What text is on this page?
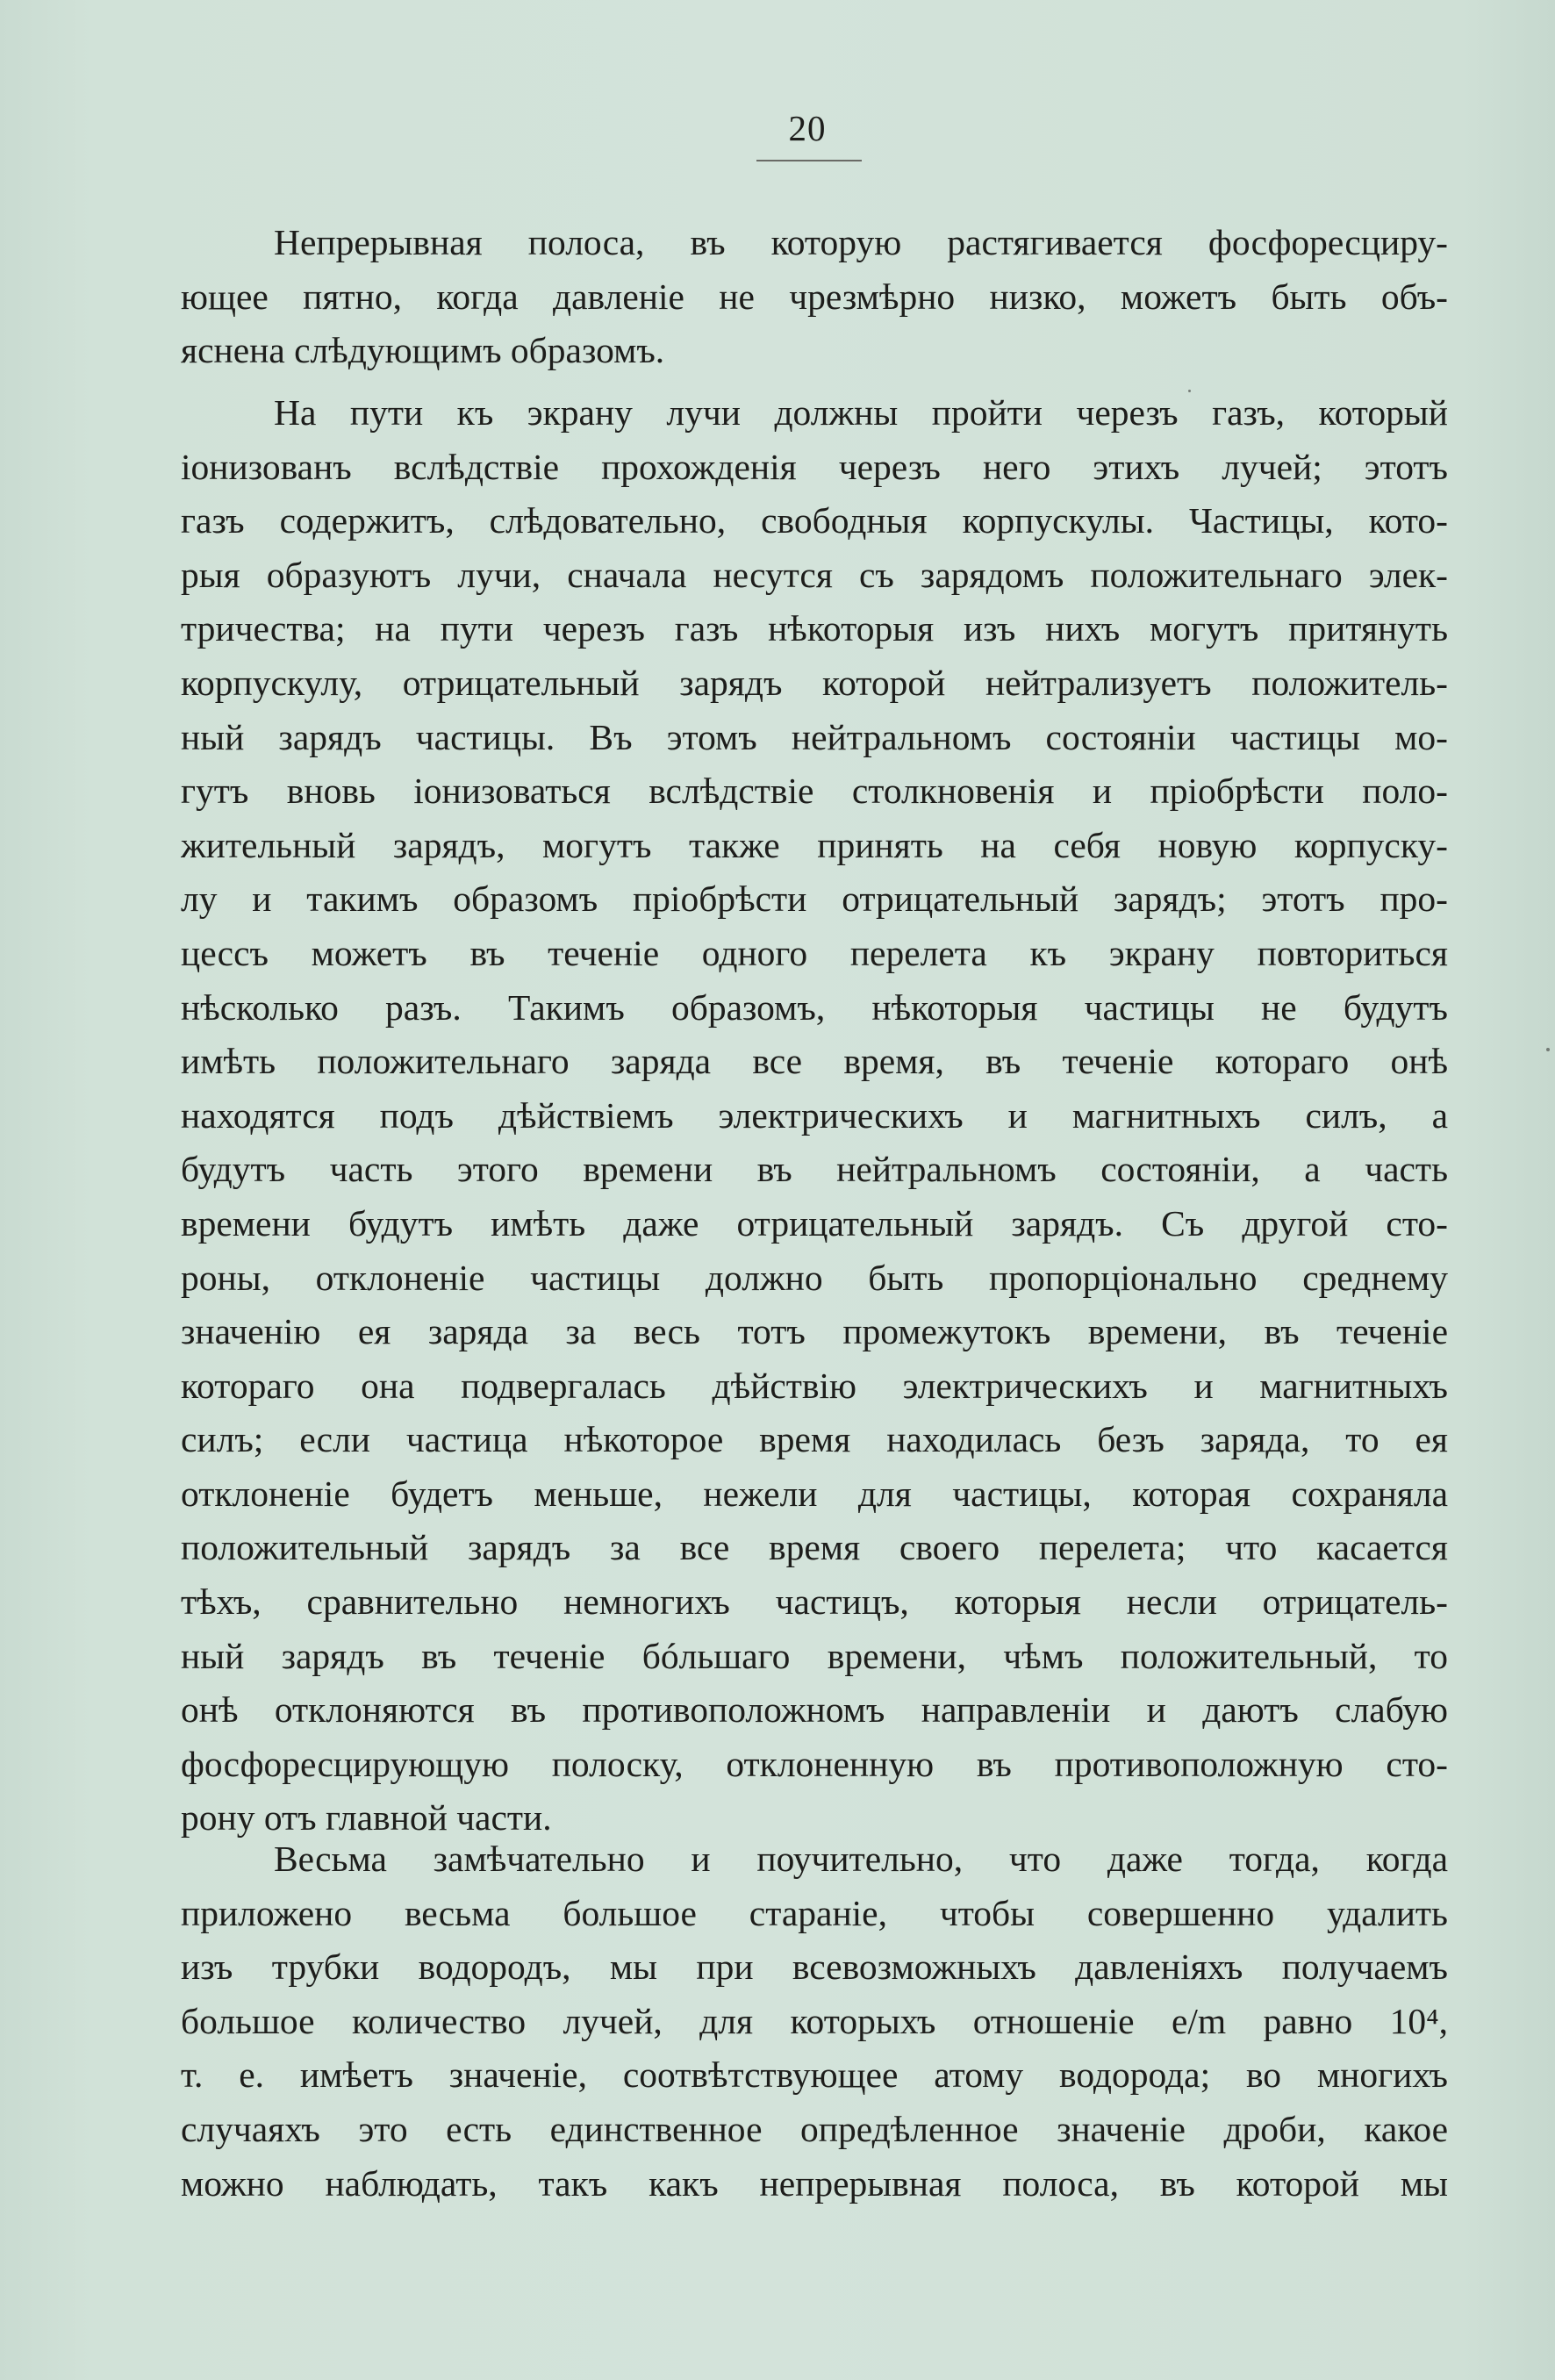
20
Непрерывная полоса, въ которую растягивается фосфоресциру-
ющее пятно, когда давленіе не чрезмѣрно низко, можетъ быть объ-
яснена слѣдующимъ образомъ.
На пути къ экрану лучи должны пройти черезъ газъ, который
іонизованъ вслѣдствіе прохожденія черезъ него этихъ лучей; этотъ
газъ содержитъ, слѣдовательно, свободныя корпускулы. Частицы, кото-
рыя образуютъ лучи, сначала несутся съ зарядомъ положительнаго элек-
тричества; на пути черезъ газъ нѣкоторыя изъ нихъ могутъ притянуть
корпускулу, отрицательный зарядъ которой нейтрализуетъ положитель-
ный зарядъ частицы. Въ этомъ нейтральномъ состояніи частицы мо-
гутъ вновь іонизоваться вслѣдствіе столкновенія и пріобрѣсти поло-
жительный зарядъ, могутъ также принять на себя новую корпуску-
лу и такимъ образомъ пріобрѣсти отрицательный зарядъ; этотъ про-
цессъ можетъ въ теченіе одного перелета къ экрану повториться
нѣсколько разъ. Такимъ образомъ, нѣкоторыя частицы не будутъ
имѣть положительнаго заряда все время, въ теченіе котораго онѣ
находятся подъ дѣйствіемъ электрическихъ и магнитныхъ силъ, а
будутъ часть этого времени въ нейтральномъ состояніи, а часть
времени будутъ имѣть даже отрицательный зарядъ. Съ другой сто-
роны, отклоненіе частицы должно быть пропорціонально среднему
значенію ея заряда за весь тотъ промежутокъ времени, въ теченіе
котораго она подвергалась дѣйствію электрическихъ и магнитныхъ
силъ; если частица нѣкоторое время находилась безъ заряда, то ея
отклоненіе будетъ меньше, нежели для частицы, которая сохраняла
положительный зарядъ за все время своего перелета; что касается
тѣхъ, сравнительно немногихъ частицъ, которыя несли отрицатель-
ный зарядъ въ теченіе бóльшаго времени, чѣмъ положительный, то
онѣ отклоняются въ противоположномъ направленіи и даютъ слабую
фосфоресцирующую полоску, отклоненную въ противоположную сто-
рону отъ главной части.
Весьма замѣчательно и поучительно, что даже тогда, когда
приложено весьма большое стараніе, чтобы совершенно удалить
изъ трубки водородъ, мы при всевозможныхъ давленіяхъ получаемъ
большое количество лучей, для которыхъ отношеніе e/m равно 10⁴,
т. е. имѣетъ значеніе, соотвѣтствующее атому водорода; во многихъ
случаяхъ это есть единственное опредѣленное значеніе дроби, какое
можно наблюдать, такъ какъ непрерывная полоса, въ которой мы
